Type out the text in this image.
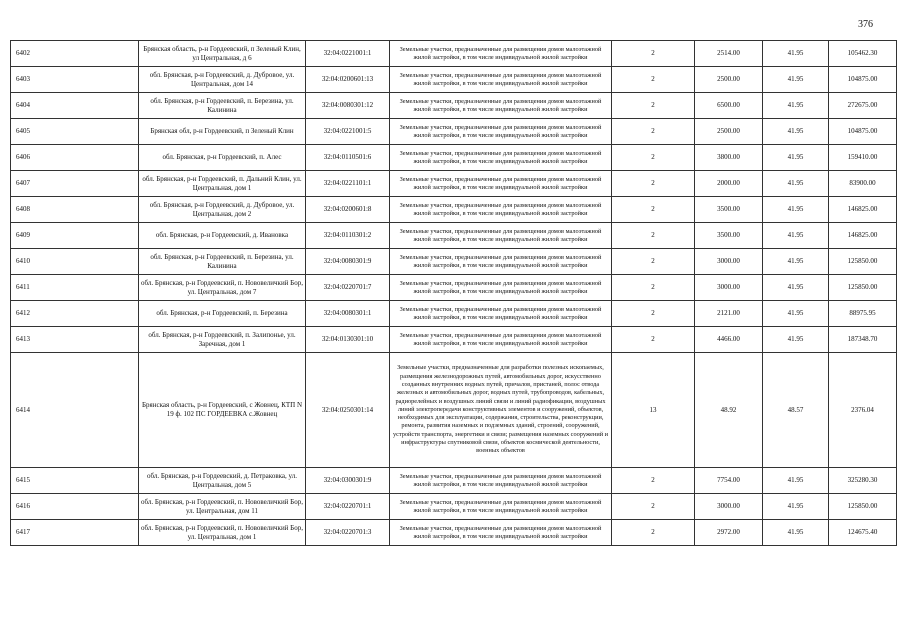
376
6402	Брянская область, р-н Гордеевский, п Зеленый Клин, ул Центральная, д 6	32:04:0221001:1	Земельные участки, предназначенные для размещения домов малоэтажной жилой застройки, в том числе индивидуальной жилой застройки	2	2514.00	41.95	105462.30
6403	обл. Брянская, р-н Гордеевский, д. Дубровое, ул. Центральная, дом 14	32:04:0200601:13	Земельные участки, предназначенные для размещения домов малоэтажной жилой застройки, в том числе индивидуальной жилой застройки	2	2500.00	41.95	104875.00
6404	обл. Брянская, р-н Гордеевский, п. Березина, ул. Калинина	32:04:0080301:12	Земельные участки, предназначенные для размещения домов малоэтажной жилой застройки, в том числе индивидуальной жилой застройки	2	6500.00	41.95	272675.00
6405	Брянская обл, р-н Гордеевский, п Зеленый Клин	32:04:0221001:5	Земельные участки, предназначенные для размещения домов малоэтажной жилой застройки, в том числе индивидуальной жилой застройки	2	2500.00	41.95	104875.00
6406	обл. Брянская, р-н Гордеевский, п. Алес	32:04:0110501:6	Земельные участки, предназначенные для размещения домов малоэтажной жилой застройки, в том числе индивидуальной жилой застройки	2	3800.00	41.95	159410.00
6407	обл. Брянская, р-н Гордеевский, п. Дальний Клин, ул. Центральная, дом 1	32:04:0221101:1	Земельные участки, предназначенные для размещения домов малоэтажной жилой застройки, в том числе индивидуальной жилой застройки	2	2000.00	41.95	83900.00
6408	обл. Брянская, р-н Гордеевский, д. Дубровое, ул. Центральная, дом 2	32:04:0200601:8	Земельные участки, предназначенные для размещения домов малоэтажной жилой застройки, в том числе индивидуальной жилой застройки	2	3500.00	41.95	146825.00
6409	обл. Брянская, р-н Гордеевский, д. Ивановка	32:04:0110301:2	Земельные участки, предназначенные для размещения домов малоэтажной жилой застройки, в том числе индивидуальной жилой застройки	2	3500.00	41.95	146825.00
6410	обл. Брянская, р-н Гордеевский, п. Березина, ул. Калинина	32:04:0080301:9	Земельные участки, предназначенные для размещения домов малоэтажной жилой застройки, в том числе индивидуальной жилой застройки	2	3000.00	41.95	125850.00
6411	обл. Брянская, р-н Гордеевский, п. Нововеличкий Бор, ул. Центральная, дом 7	32:04:0220701:7	Земельные участки, предназначенные для размещения домов малоэтажной жилой застройки, в том числе индивидуальной жилой застройки	2	3000.00	41.95	125850.00
6412	обл. Брянская, р-н Гордеевский, п. Березина	32:04:0080301:1	Земельные участки, предназначенные для размещения домов малоэтажной жилой застройки, в том числе индивидуальной жилой застройки	2	2121.00	41.95	88975.95
6413	обл. Брянская, р-н Гордеевский, п. Залипонье, ул. Заречная, дом 1	32:04:0130301:10	Земельные участки, предназначенные для размещения домов малоэтажной жилой застройки, в том числе индивидуальной жилой застройки	2	4466.00	41.95	187348.70
6414	Брянская область, р-н Гордеевский, с Жовнец, КТП N 19 ф. 102 ПС ГОРДЕЕВКА с.Жовнец	32:04:0250301:14	Земельные участки, предназначенные для разработки полезных ископаемых, размещения железнодорожных путей, автомобильных дорог, искусственно созданных внутренних водных путей, причалов, пристаней, полос отвода железных и автомобильных дорог, водных путей, трубопроводов, кабельных, радиорелейных и воздушных линий связи и линий радиофикации, воздушных линий электропередачи конструктивных элементов и сооружений, объектов, необходимых для эксплуатации, содержания, строительства, реконструкции, ремонта, развития наземных и подземных зданий, строений, сооружений, устройств транспорта, энергетики и связи; размещения наземных сооружений и инфраструктуры спутниковой связи, объектов космической деятельности, военных объектов	13	48.92	48.57	2376.04
6415	обл. Брянская, р-н Гордеевский, д. Петраковка, ул. Центральная, дом 5	32:04:0300301:9	Земельные участки, предназначенные для размещения домов малоэтажной жилой застройки, в том числе индивидуальной жилой застройки	2	7754.00	41.95	325280.30
6416	обл. Брянская, р-н Гордеевский, п. Нововеличкий Бор, ул. Центральная, дом 11	32:04:0220701:1	Земельные участки, предназначенные для размещения домов малоэтажной жилой застройки, в том числе индивидуальной жилой застройки	2	3000.00	41.95	125850.00
6417	обл. Брянская, р-н Гордеевский, п. Нововеличкий Бор, ул. Центральная, дом 1	32:04:0220701:3	Земельные участки, предназначенные для размещения домов малоэтажной жилой застройки, в том числе индивидуальной жилой застройки	2	2972.00	41.95	124675.40
